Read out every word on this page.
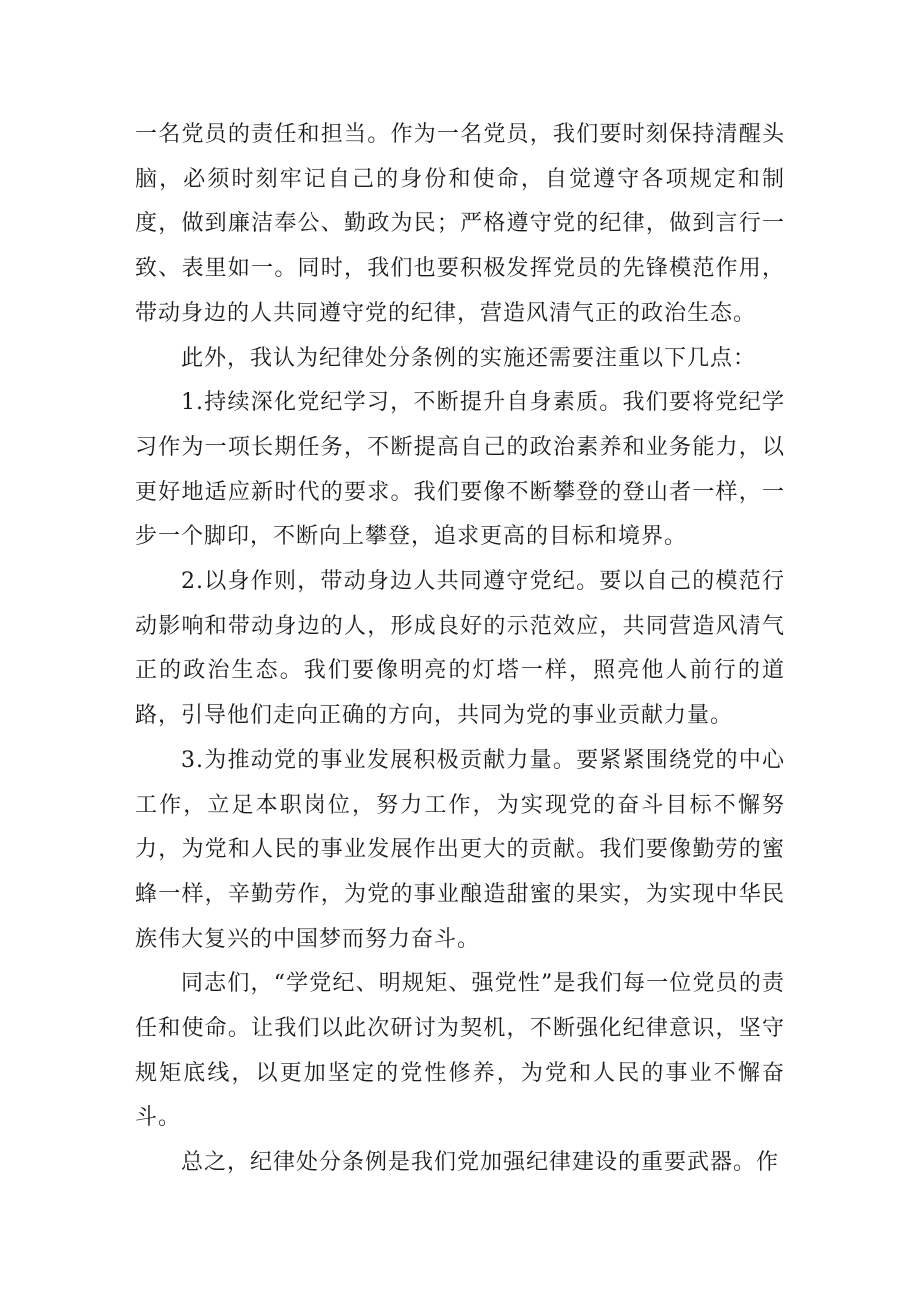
一名党员的责任和担当。作为一名党员，我们要时刻保持清醒头脑，必须时刻牢记自己的身份和使命，自觉遵守各项规定和制度，做到廉洁奉公、勤政为民；严格遵守党的纪律，做到言行一致、表里如一。同时，我们也要积极发挥党员的先锋模范作用，带动身边的人共同遵守党的纪律，营造风清气正的政治生态。

此外，我认为纪律处分条例的实施还需要注重以下几点：

1.持续深化党纪学习，不断提升自身素质。我们要将党纪学习作为一项长期任务，不断提高自己的政治素养和业务能力，以更好地适应新时代的要求。我们要像不断攀登的登山者一样，一步一个脚印，不断向上攀登，追求更高的目标和境界。

2.以身作则，带动身边人共同遵守党纪。要以自己的模范行动影响和带动身边的人，形成良好的示范效应，共同营造风清气正的政治生态。我们要像明亮的灯塔一样，照亮他人前行的道路，引导他们走向正确的方向，共同为党的事业贡献力量。

3.为推动党的事业发展积极贡献力量。要紧紧围绕党的中心工作，立足本职岗位，努力工作，为实现党的奋斗目标不懈努力，为党和人民的事业发展作出更大的贡献。我们要像勤劳的蜜蜂一样，辛勤劳作，为党的事业酿造甜蜜的果实，为实现中华民族伟大复兴的中国梦而努力奋斗。

同志们，“学党纪、明规矩、强党性”是我们每一位党员的责任和使命。让我们以此次研讨为契机，不断强化纪律意识，坚守规矩底线，以更加坚定的党性修养，为党和人民的事业不懈奋斗。

总之，纪律处分条例是我们党加强纪律建设的重要武器。作
